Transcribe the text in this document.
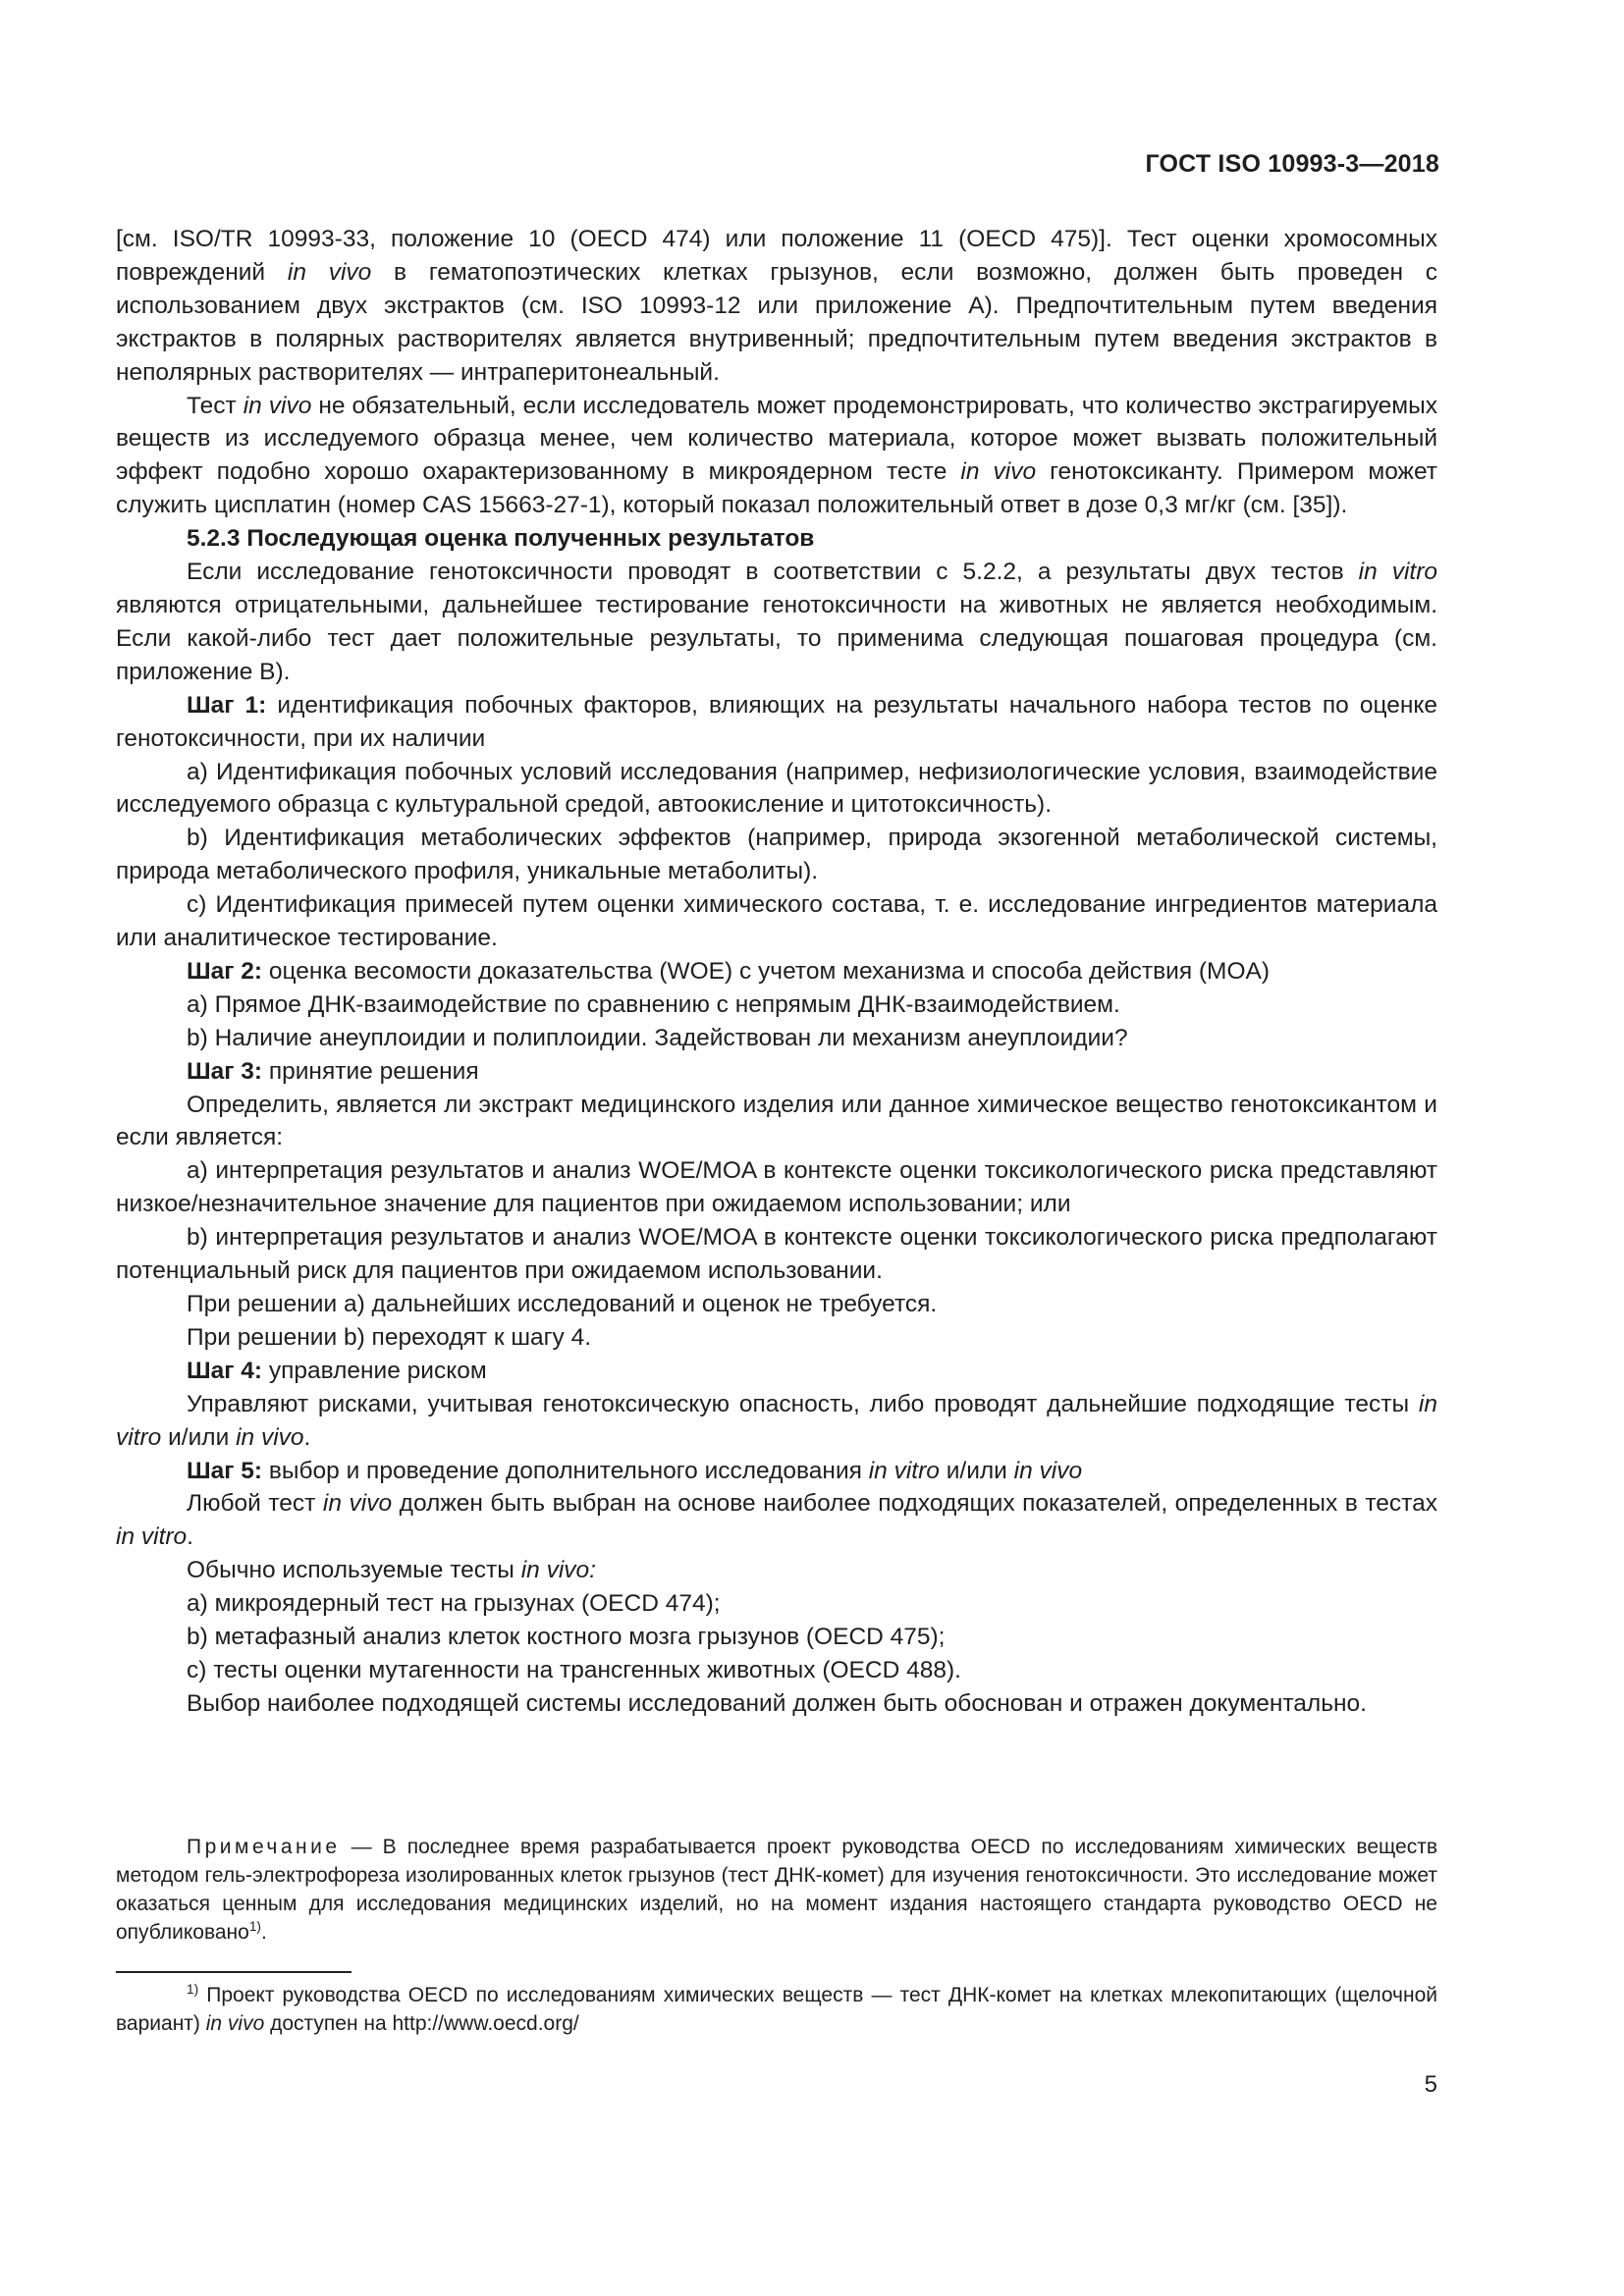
ГОСТ ISO 10993-3—2018

[см. ISO/TR 10993-33, положение 10 (OECD 474) или положение 11 (OECD 475)]. Тест оценки хромосомных повреждений in vivo в гематопоэтических клетках грызунов, если возможно, должен быть проведен с использованием двух экстрактов (см. ISO 10993-12 или приложение А). Предпочтительным путем введения экстрактов в полярных растворителях является внутривенный; предпочтительным путем введения экстрактов в неполярных растворителях — интраперитонеальный.

Тест in vivo не обязательный, если исследователь может продемонстрировать, что количество экстрагируемых веществ из исследуемого образца менее, чем количество материала, которое может вызвать положительный эффект подобно хорошо охарактеризованному в микроядерном тесте in vivo генотоксиканту. Примером может служить цисплатин (номер CAS 15663-27-1), который показал положительный ответ в дозе 0,3 мг/кг (см. [35]).

5.2.3 Последующая оценка полученных результатов

Если исследование генотоксичности проводят в соответствии с 5.2.2, а результаты двух тестов in vitro являются отрицательными, дальнейшее тестирование генотоксичности на животных не является необходимым. Если какой-либо тест дает положительные результаты, то применима следующая пошаговая процедура (см. приложение В).

Шаг 1: идентификация побочных факторов, влияющих на результаты начального набора тестов по оценке генотоксичности, при их наличии

а) Идентификация побочных условий исследования (например, нефизиологические условия, взаимодействие исследуемого образца с культуральной средой, автоокисление и цитотоксичность).

b) Идентификация метаболических эффектов (например, природа экзогенной метаболической системы, природа метаболического профиля, уникальные метаболиты).

с) Идентификация примесей путем оценки химического состава, т. е. исследование ингредиентов материала или аналитическое тестирование.

Шаг 2: оценка весомости доказательства (WOE) с учетом механизма и способа действия (MOA)

а) Прямое ДНК-взаимодействие по сравнению с непрямым ДНК-взаимодействием.

b) Наличие анеуплоидии и полиплоидии. Задействован ли механизм анеуплоидии?

Шаг 3: принятие решения

Определить, является ли экстракт медицинского изделия или данное химическое вещество генотоксикантом и если является:

а) интерпретация результатов и анализ WOE/MOA в контексте оценки токсикологического риска представляют низкое/незначительное значение для пациентов при ожидаемом использовании; или

b) интерпретация результатов и анализ WOE/MOA в контексте оценки токсикологического риска предполагают потенциальный риск для пациентов при ожидаемом использовании.

При решении а) дальнейших исследований и оценок не требуется.

При решении b) переходят к шагу 4.

Шаг 4: управление риском

Управляют рисками, учитывая генотоксическую опасность, либо проводят дальнейшие подходящие тесты in vitro и/или in vivo.

Шаг 5: выбор и проведение дополнительного исследования in vitro и/или in vivo

Любой тест in vivo должен быть выбран на основе наиболее подходящих показателей, определенных в тестах in vitro.

Обычно используемые тесты in vivo:

а) микроядерный тест на грызунах (OECD 474);

b) метафазный анализ клеток костного мозга грызунов (OECD 475);

с) тесты оценки мутагенности на трансгенных животных (OECD 488).

Выбор наиболее подходящей системы исследований должен быть обоснован и отражен документально.

Примечание — В последнее время разрабатывается проект руководства OECD по исследованиям химических веществ методом гель-электрофореза изолированных клеток грызунов (тест ДНК-комет) для изучения генотоксичности. Это исследование может оказаться ценным для исследования медицинских изделий, но на момент издания настоящего стандарта руководство OECD не опубликовано$^{1)}$.
$^{1)}$ Проект руководства OECD по исследованиям химических веществ — тест ДНК-комет на клетках млекопитающих (щелочной вариант) in vivo доступен на http://www.oecd.org/
5
